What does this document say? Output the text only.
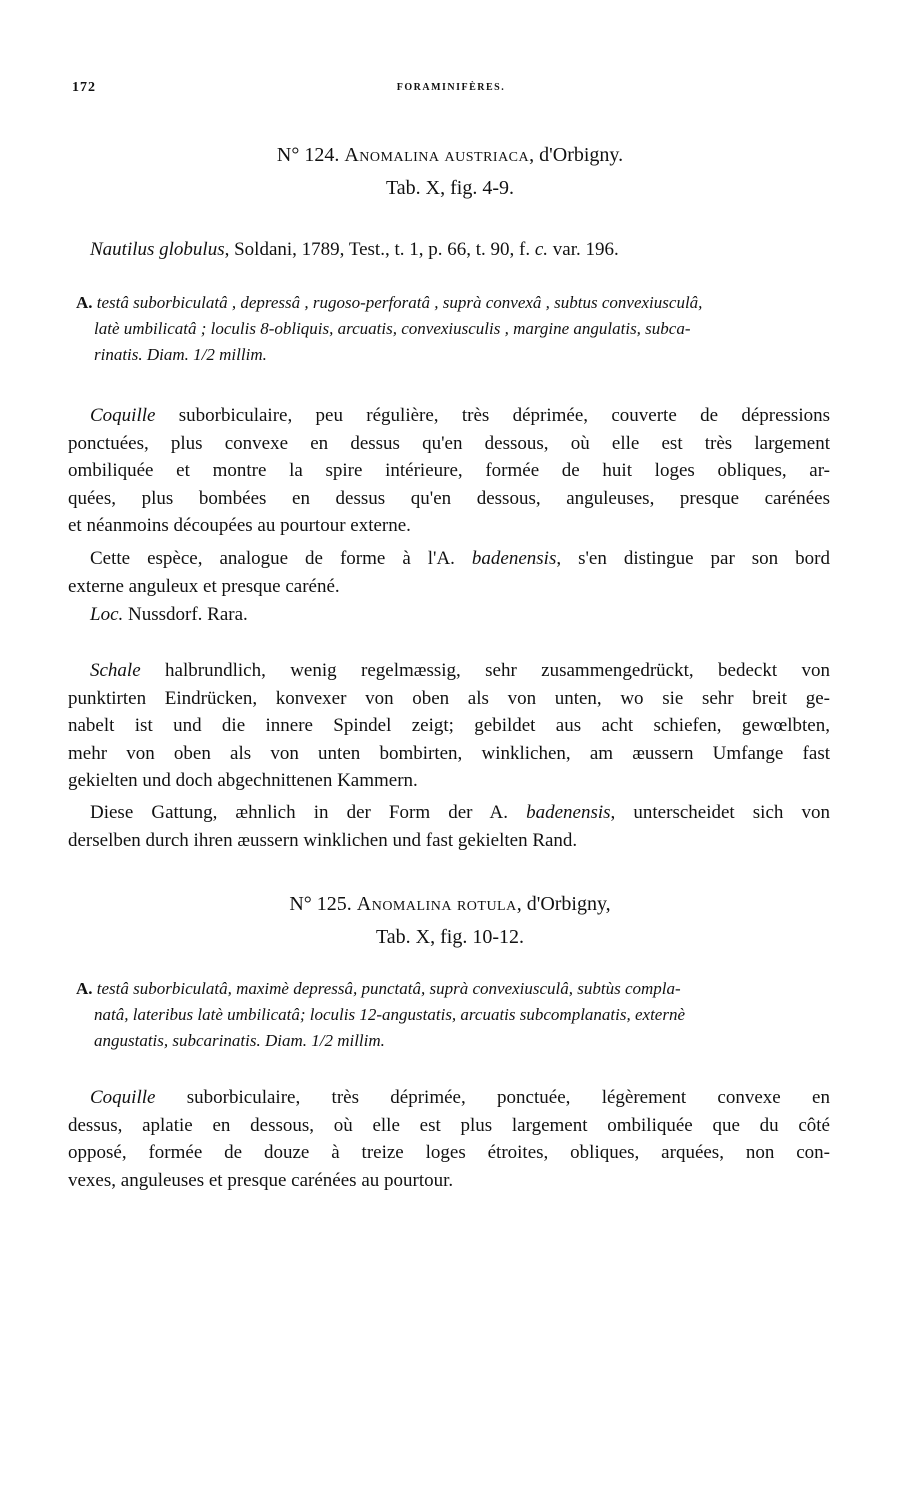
172	FORAMINIFÈRES.
N° 124. Anomalina austriaca, d'Orbigny.
Tab. X, fig. 4-9.
Nautilus globulus, Soldani, 1789, Test., t. 1, p. 66, t. 90, f. c. var. 196.

A. testâ suborbiculatâ , depressâ , rugoso-perforatâ , suprà convexâ , subtus convexiusculâ,

latè umbilicatâ ; loculis 8-obliquis, arcuatis, convexiusculis , margine angulatis, subca-

rinatis. Diam. 1/2 millim.

Coquille suborbiculaire, peu régulière, très déprimée, couverte de dépressions
ponctuées, plus convexe en dessus qu'en dessous, où elle est très largement
ombiliquée et montre la spire intérieure, formée de huit loges obliques, ar-
quées, plus bombées en dessus qu'en dessous, anguleuses, presque carénées
et néanmoins découpées au pourtour externe.
Cette espèce, analogue de forme à l'A. badenensis, s'en distingue par son bord
externe anguleux et presque caréné.
Loc. Nussdorf. Rara.
Schale halbrundlich, wenig regelmæssig, sehr zusammengedrückt, bedeckt von
punktirten Eindrücken, konvexer von oben als von unten, wo sie sehr breit ge-
nabelt ist und die innere Spindel zeigt; gebildet aus acht schiefen, gewœlbten,
mehr von oben als von unten bombirten, winklichen, am æussern Umfange fast
gekielten und doch abgechnittenen Kammern.
Diese Gattung, æhnlich in der Form der A. badenensis, unterscheidet sich von
derselben durch ihren æussern winklichen und fast gekielten Rand.
N° 125. Anomalina rotula, d'Orbigny,
Tab. X, fig. 10-12.

A. testâ suborbiculatâ, maximè depressâ, punctatâ, suprà convexiusculâ, subtùs compla-

natâ, lateribus latè umbilicatâ; loculis 12-angustatis, arcuatis subcomplanatis, externè

angustatis, subcarinatis. Diam. 1/2 millim.

Coquille suborbiculaire, très déprimée, ponctuée, légèrement convexe en
dessus, aplatie en dessous, où elle est plus largement ombiliquée que du côté
opposé, formée de douze à treize loges étroites, obliques, arquées, non con-
vexes, anguleuses et presque carénées au pourtour.
